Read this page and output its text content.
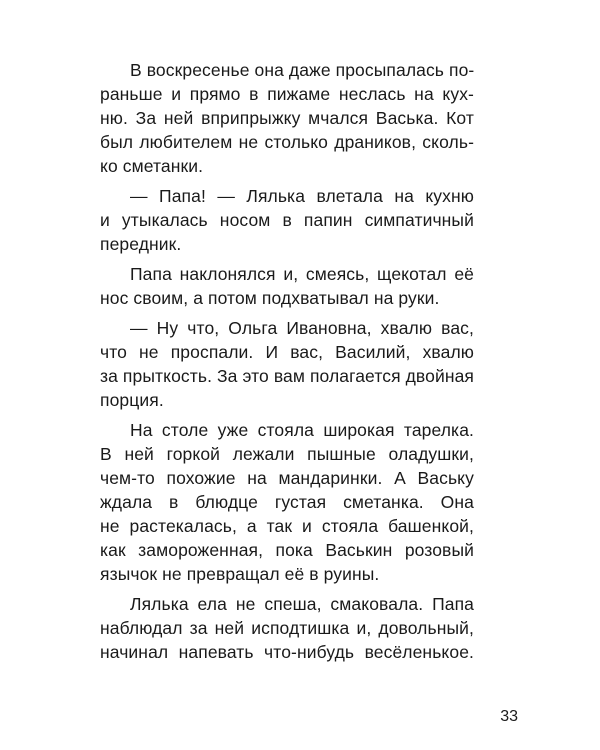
В воскресенье она даже просыпалась по-
раньше и прямо в пижаме неслась на кух-
ню. За ней вприпрыжку мчался Васька. Кот
был любителем не столько драников, сколь-
ко сметанки.
— Папа! — Лялька влетала на кухню
и утыкалась носом в папин симпатичный
передник.
Папа наклонялся и, смеясь, щекотал её
нос своим, а потом подхватывал на руки.
— Ну что, Ольга Ивановна, хвалю вас,
что не проспали. И вас, Василий, хвалю
за прыткость. За это вам полагается двойная
порция.
На столе уже стояла широкая тарелка.
В ней горкой лежали пышные оладушки,
чем-то похожие на мандаринки. А Ваську
ждала в блюдце густая сметанка. Она
не растекалась, а так и стояла башенкой,
как замороженная, пока Васькин розовый
язычок не превращал её в руины.
Лялька ела не спеша, смаковала. Папа
наблюдал за ней исподтишка и, довольный,
начинал напевать что-нибудь весёленькое.
33
